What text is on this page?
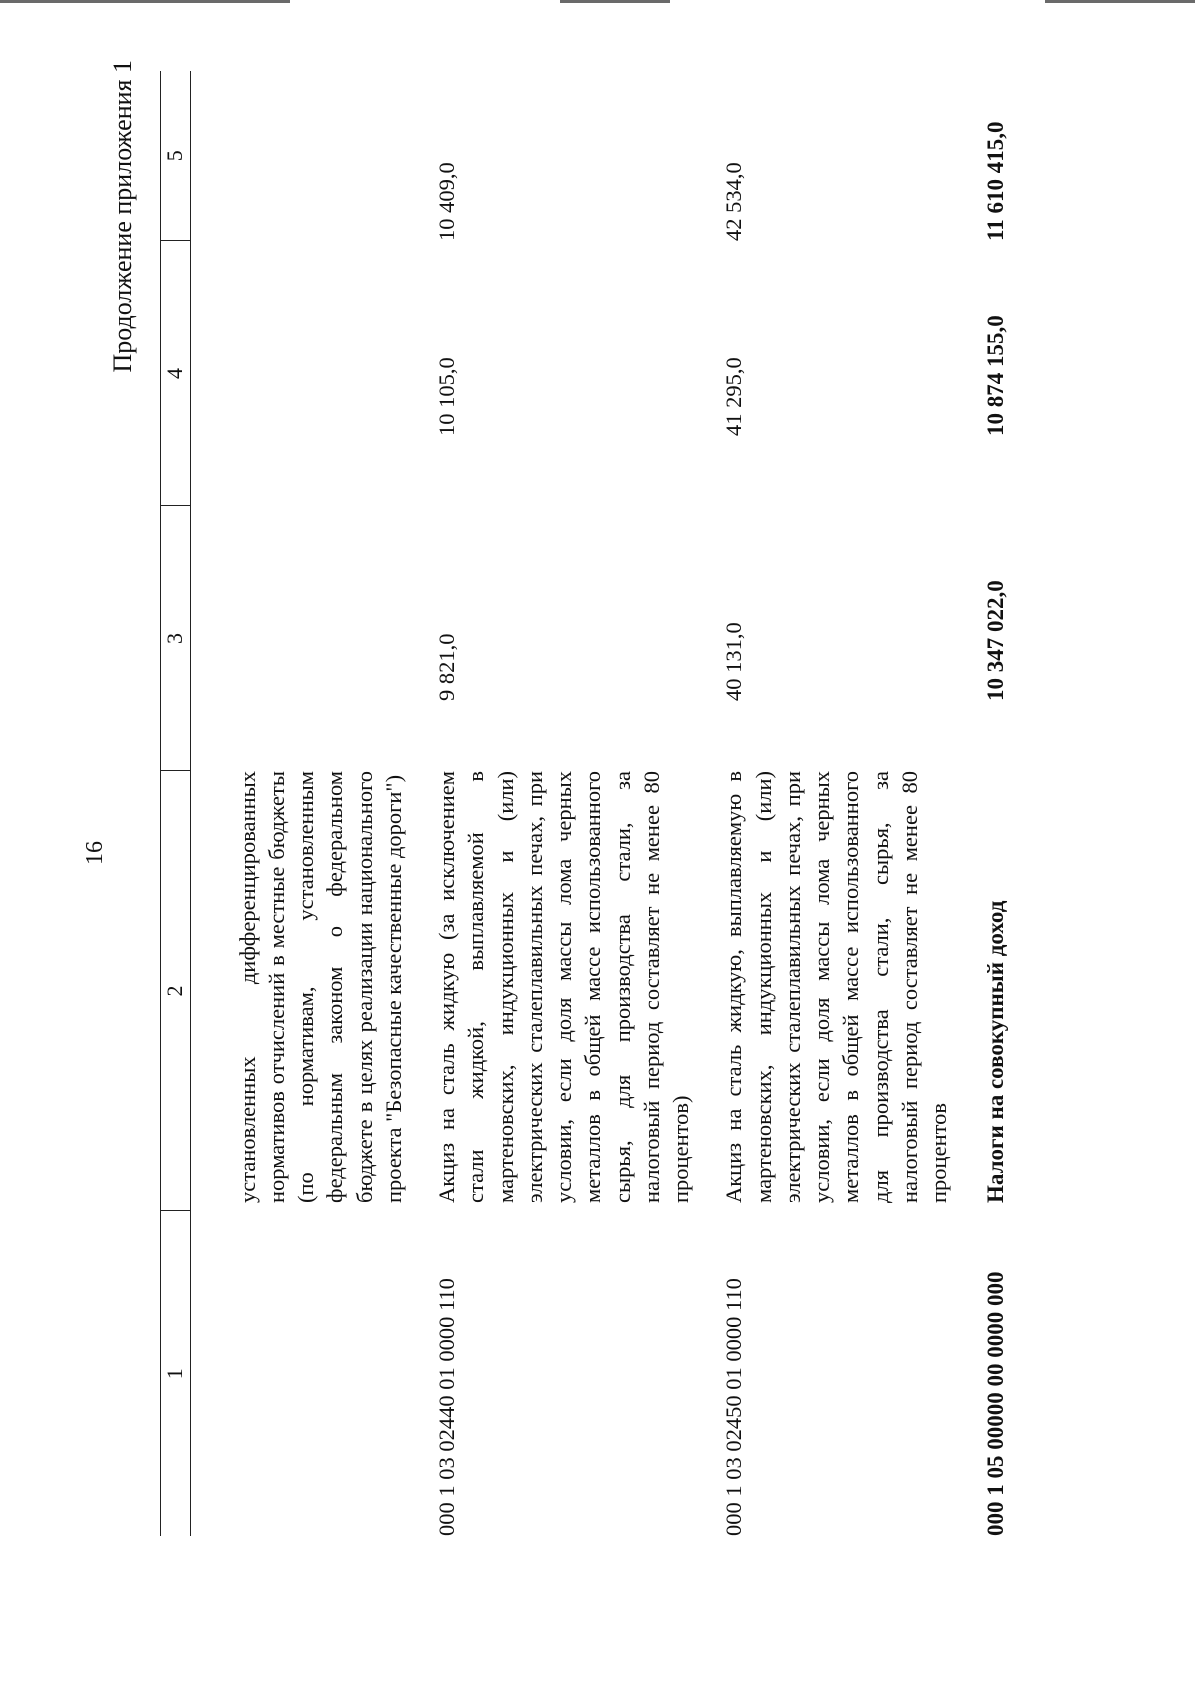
16
Продолжение приложения 1
1	2	3	4	5
	установленных дифференцированных нормативов отчислений в местные бюджеты (по нормативам, установленным федеральным законом о федеральном бюджете в целях реализации национального проекта "Безопасные качественные дороги")			
000 1 03 02440 01 0000 110	Акциз на сталь жидкую (за исключением стали жидкой, выплавляемой в мартеновских, индукционных и (или) электрических сталеплавильных печах, при условии, если доля массы лома черных металлов в общей массе использованного сырья, для производства стали, за налоговый период составляет не менее 80 процентов)	9 821,0	10 105,0	10 409,0
000 1 03 02450 01 0000 110	Акциз на сталь жидкую, выплавляемую в мартеновских, индукционных и (или) электрических сталеплавильных печах, при условии, если доля массы лома черных металлов в общей массе использованного для производства стали, сырья, за налоговый период составляет не менее 80 процентов	40 131,0	41 295,0	42 534,0
000 1 05 00000 00 0000 000	Налоги на совокупный доход	10 347 022,0	10 874 155,0	11 610 415,0
